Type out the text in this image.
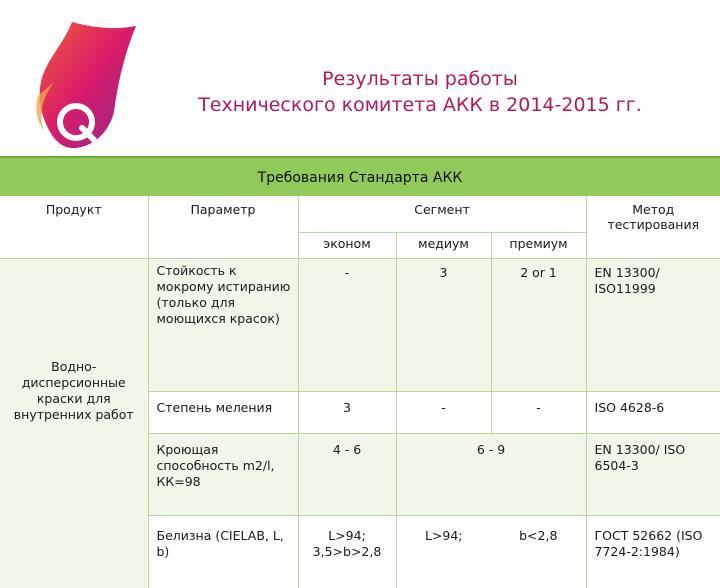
Результаты работы
Технического комитета АКК в 2014-2015 гг.
Требования Стандарта АКК
Продукт	Параметр	Сегмент			Метод тестирования
		эконом	медиум	премиум	
Водно-дисперсионные краски для внутренних работ	Стойкость к мокрому истиранию (только для моющихся красок)	-	3	2 or 1	EN 13300/ ISO11999
	Степень меления	3	-	-	ISO 4628-6
	Кроющая способность m2/l, КК=98	4 - 6	6 - 9		EN 13300/ ISO 6504-3
	Белизна (CIELAB, L, b)	L>94; 3,5>b>2,8	L>94;	b<2,8	ГОСТ 52662 (ISO 7724-2:1984)
